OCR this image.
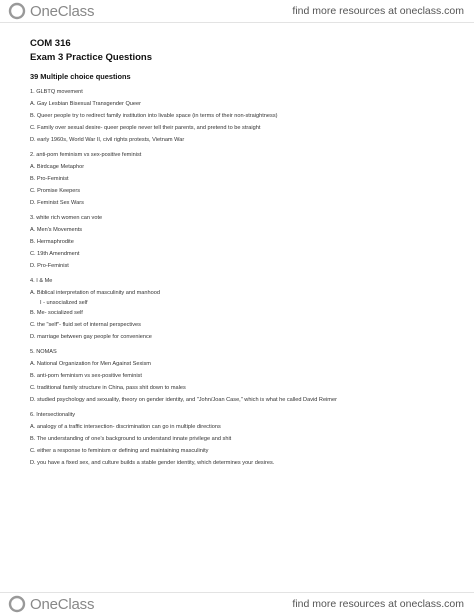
OneClass	find more resources at oneclass.com
COM 316
Exam 3 Practice Questions
39 Multiple choice questions
1. GLBTQ movement
A. Gay Lesbian Bisexual Transgender Queer
B. Queer people try to redirect family institution into livable space (in terms of their non-straightness)
C. Family over sexual desire- queer people never tell their parents, and pretend to be straight
D. early 1960s, World War II, civil rights protests, Vietnam War
2. anti-porn feminism vs sex-positive feminist
A. Birdcage Metaphor
B. Pro-Feminist
C. Promise Keepers
D. Feminist Sex Wars
3. white rich women can vote
A. Men's Movements
B. Hermaphrodite
C. 19th Amendment
D. Pro-Feminist
4. I & Me
A. Biblical interpretation of masculinity and manhood
I - unsocialized self
B. Me- socialized self
C. the "self"- fluid set of internal perspectives
D. marriage between gay people for convenience
5. NOMAS
A. National Organization for Men Against Sexism
B. anti-porn feminism vs sex-positive feminist
C. traditional family structure in China, pass shit down to males
D. studied psychology and sexuality, theory on gender identity, and "John/Joan Case," which is what he called David Reimer
6. Intersectionality
A. analogy of a traffic intersection- discrimination can go in multiple directions
B. The understanding of one's background to understand innate privilege and shit
C. either a response to feminism or defining and maintaining masculinity
D. you have a fixed sex, and culture builds a stable gender identity, which determines your desires.
OneClass	find more resources at oneclass.com
